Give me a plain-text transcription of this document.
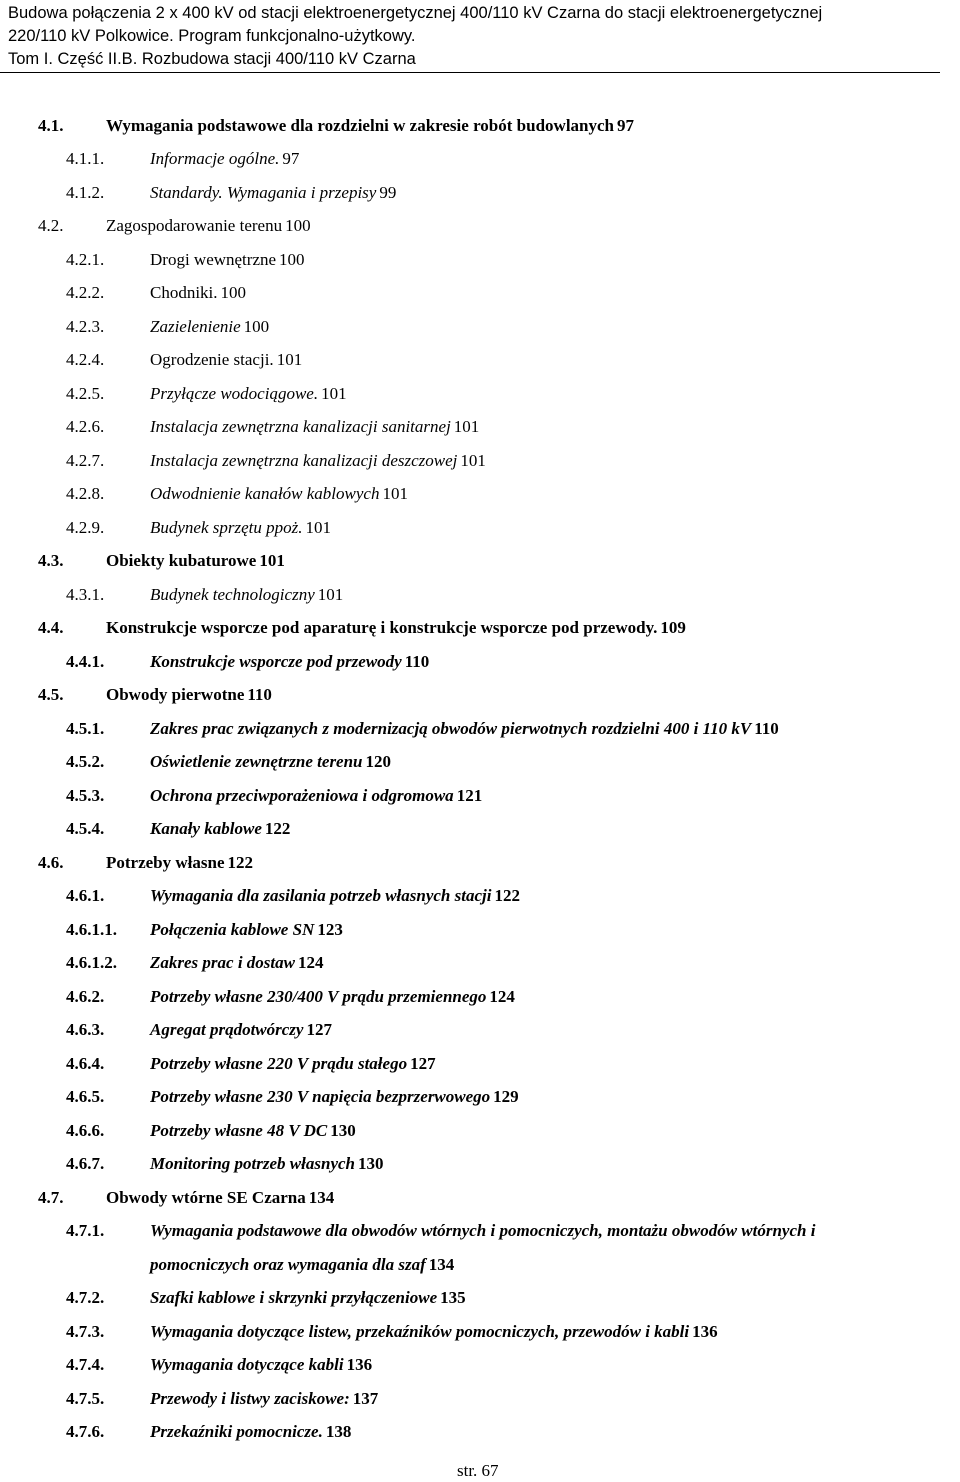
Budowa połączenia 2 x 400 kV od stacji elektroenergetycznej 400/110 kV Czarna do stacji elektroenergetycznej
220/110 kV Polkowice. Program funkcjonalno-użytkowy.
Tom I. Część II.B. Rozbudowa stacji 400/110 kV Czarna
4.1.	Wymagania podstawowe dla rozdzielni w zakresie robót budowlanych 97
4.1.1.	Informacje ogólne. 97
4.1.2.	Standardy. Wymagania i przepisy 99
4.2.	Zagospodarowanie terenu 100
4.2.1.	Drogi wewnętrzne 100
4.2.2.	Chodniki. 100
4.2.3.	Zazielenienie 100
4.2.4.	Ogrodzenie stacji. 101
4.2.5.	Przyłącze wodociągowe. 101
4.2.6.	Instalacja zewnętrzna kanalizacji sanitarnej 101
4.2.7.	Instalacja zewnętrzna kanalizacji deszczowej 101
4.2.8.	Odwodnienie kanałów kablowych 101
4.2.9.	Budynek sprzętu ppoż. 101
4.3.	Obiekty kubaturowe 101
4.3.1.	Budynek technologiczny 101
4.4.	Konstrukcje wsporcze pod aparaturę i konstrukcje wsporcze pod przewody. 109
4.4.1.	Konstrukcje wsporcze pod przewody 110
4.5.	Obwody pierwotne 110
4.5.1.	Zakres prac związanych z modernizacją obwodów pierwotnych rozdzielni 400 i 110 kV 110
4.5.2.	Oświetlenie zewnętrzne terenu 120
4.5.3.	Ochrona przeciwporażeniowa i odgromowa 121
4.5.4.	Kanały kablowe 122
4.6.	Potrzeby własne 122
4.6.1.	Wymagania dla zasilania potrzeb własnych stacji 122
4.6.1.1. Połączenia kablowe SN 123
4.6.1.2. Zakres prac i dostaw 124
4.6.2.	Potrzeby własne 230/400 V prądu przemiennego 124
4.6.3.	Agregat prądotwórczy 127
4.6.4.	Potrzeby własne 220 V prądu stałego 127
4.6.5.	Potrzeby własne 230 V napięcia bezprzerwowego 129
4.6.6.	Potrzeby własne 48 V DC 130
4.6.7.	Monitoring potrzeb własnych 130
4.7.	Obwody wtórne SE Czarna 134
4.7.1.	Wymagania podstawowe dla obwodów wtórnych i pomocniczych, montażu obwodów wtórnych i
pomocniczych oraz wymagania dla szaf 134
4.7.2.	Szafki kablowe i skrzynki przyłączeniowe 135
4.7.3.	Wymagania dotyczące listew, przekaźników pomocniczych, przewodów i kabli 136
4.7.4.	Wymagania dotyczące kabli 136
4.7.5.	Przewody i listwy zaciskowe: 137
4.7.6.	Przekaźniki pomocnicze. 138
str. 67
